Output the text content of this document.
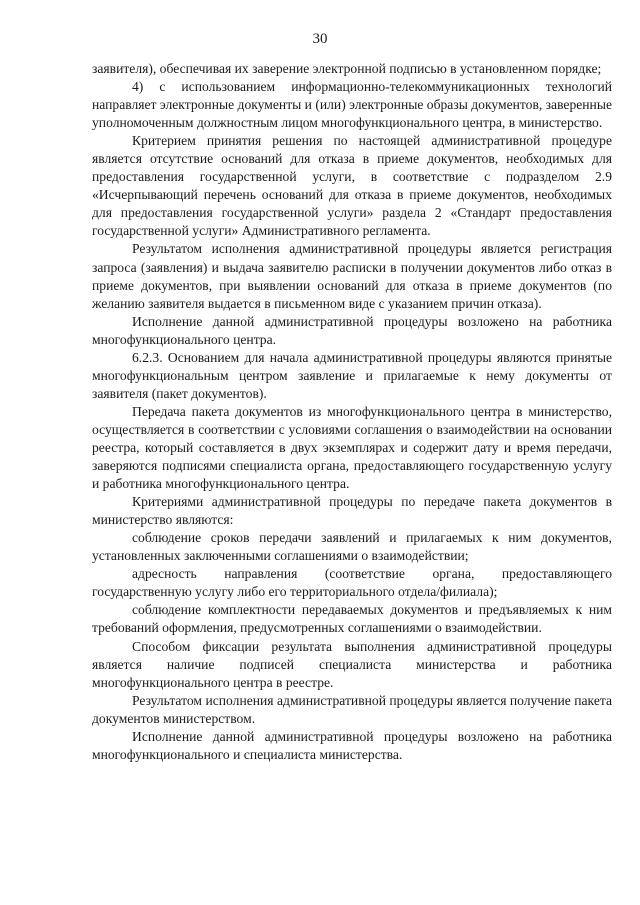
30

заявителя), обеспечивая их заверение электронной подписью в установленном порядке;

4) с использованием информационно-телекоммуникационных технологий направляет электронные документы и (или) электронные образы документов, заверенные уполномоченным должностным лицом многофункционального центра, в министерство.

Критерием принятия решения по настоящей административной процедуре является отсутствие оснований для отказа в приеме документов, необходимых для предоставления государственной услуги, в соответствие с подразделом 2.9 «Исчерпывающий перечень оснований для отказа в приеме документов, необходимых для предоставления государственной услуги» раздела 2 «Стандарт предоставления государственной услуги» Административного регламента.

Результатом исполнения административной процедуры является регистрация запроса (заявления) и выдача заявителю расписки в получении документов либо отказ в приеме документов, при выявлении оснований для отказа в приеме документов (по желанию заявителя выдается в письменном виде с указанием причин отказа).

Исполнение данной административной процедуры возложено на работника многофункционального центра.

6.2.3. Основанием для начала административной процедуры являются принятые многофункциональным центром заявление и прилагаемые к нему документы от заявителя (пакет документов).

Передача пакета документов из многофункционального центра в министерство, осуществляется в соответствии с условиями соглашения о взаимодействии на основании реестра, который составляется в двух экземплярах и содержит дату и время передачи, заверяются подписями специалиста органа, предоставляющего государственную услугу и работника многофункционального центра.

Критериями административной процедуры по передаче пакета документов в министерство являются:

соблюдение сроков передачи заявлений и прилагаемых к ним документов, установленных заключенными соглашениями о взаимодействии;

адресность направления (соответствие органа, предоставляющего государственную услугу либо его территориального отдела/филиала);

соблюдение комплектности передаваемых документов и предъявляемых к ним требований оформления, предусмотренных соглашениями о взаимодействии.

Способом фиксации результата выполнения административной процедуры является наличие подписей специалиста министерства и работника многофункционального центра в реестре.

Результатом исполнения административной процедуры является получение пакета документов министерством.

Исполнение данной административной процедуры возложено на работника многофункционального и специалиста министерства.
